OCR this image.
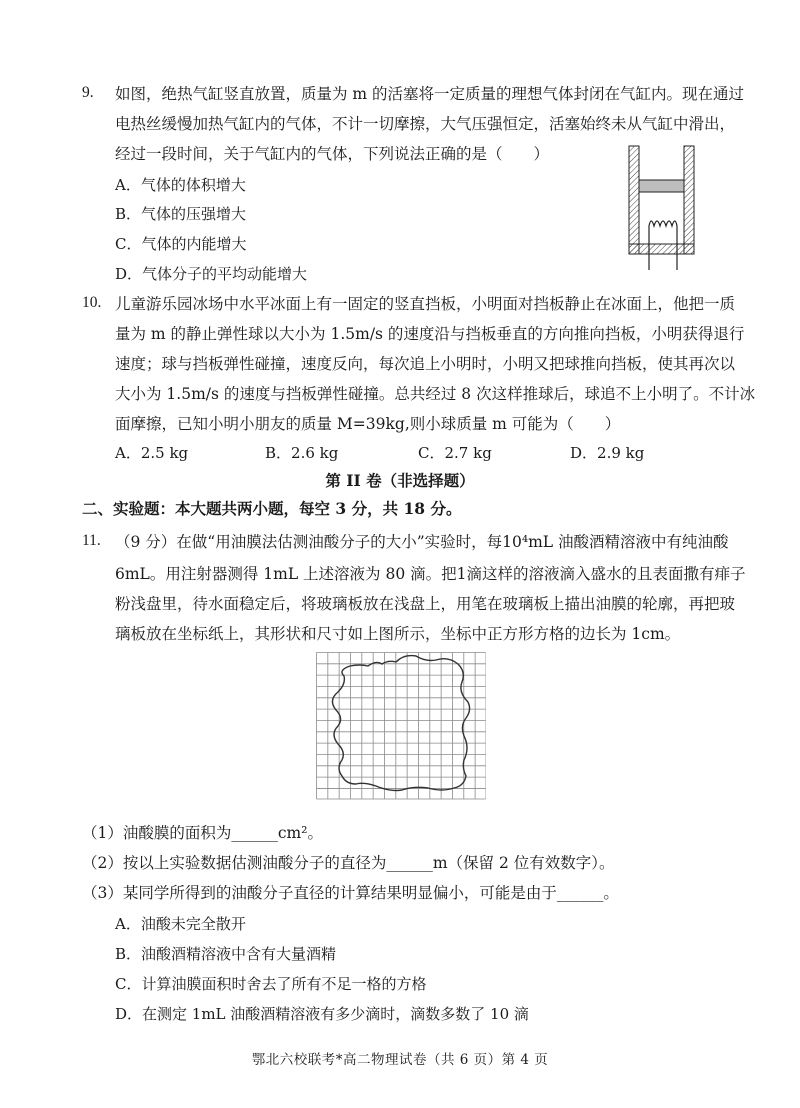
9. 如图，绝热气缸竖直放置，质量为 m 的活塞将一定质量的理想气体封闭在气缸内。现在通过
电热丝缓慢加热气缸内的气体，不计一切摩擦，大气压强恒定，活塞始终未从气缸中滑出，
经过一段时间，关于气缸内的气体，下列说法正确的是（　　）
A．气体的体积增大
B．气体的压强增大
C．气体的内能增大
D．气体分子的平均动能增大
10. 儿童游乐园冰场中水平冰面上有一固定的竖直挡板，小明面对挡板静止在冰面上，他把一质
量为 m 的静止弹性球以大小为 1.5m/s 的速度沿与挡板垂直的方向推向挡板，小明获得退行
速度；球与挡板弹性碰撞，速度反向，每次追上小明时，小明又把球推向挡板，使其再次以
大小为 1.5m/s 的速度与挡板弹性碰撞。总共经过 8 次这样推球后，球追不上小明了。不计冰
面摩擦，已知小明小朋友的质量 M=39kg,则小球质量 m 可能为（　　）
A．2.5 kg	B．2.6 kg	C．2.7 kg	D．2.9 kg
第 II 卷（非选择题）
二、实验题：本大题共两小题，每空 3 分，共 18 分。
11. （9 分）在做“用油膜法估测油酸分子的大小”实验时，每10⁴mL 油酸酒精溶液中有纯油酸
6mL。用注射器测得 1mL 上述溶液为 80 滴。把1滴这样的溶液滴入盛水的且表面撒有痱子
粉浅盘里，待水面稳定后，将玻璃板放在浅盘上，用笔在玻璃板上描出油膜的轮廓，再把玻
璃板放在坐标纸上，其形状和尺寸如上图所示，坐标中正方形方格的边长为 1cm。
（1）油酸膜的面积为______cm²。
（2）按以上实验数据估测油酸分子的直径为______m（保留 2 位有效数字）。
（3）某同学所得到的油酸分子直径的计算结果明显偏小，可能是由于______。
A．油酸未完全散开
B．油酸酒精溶液中含有大量酒精
C．计算油膜面积时舍去了所有不足一格的方格
D．在测定 1mL 油酸酒精溶液有多少滴时，滴数多数了 10 滴
鄂北六校联考*高二物理试卷（共 6 页）第 4 页
